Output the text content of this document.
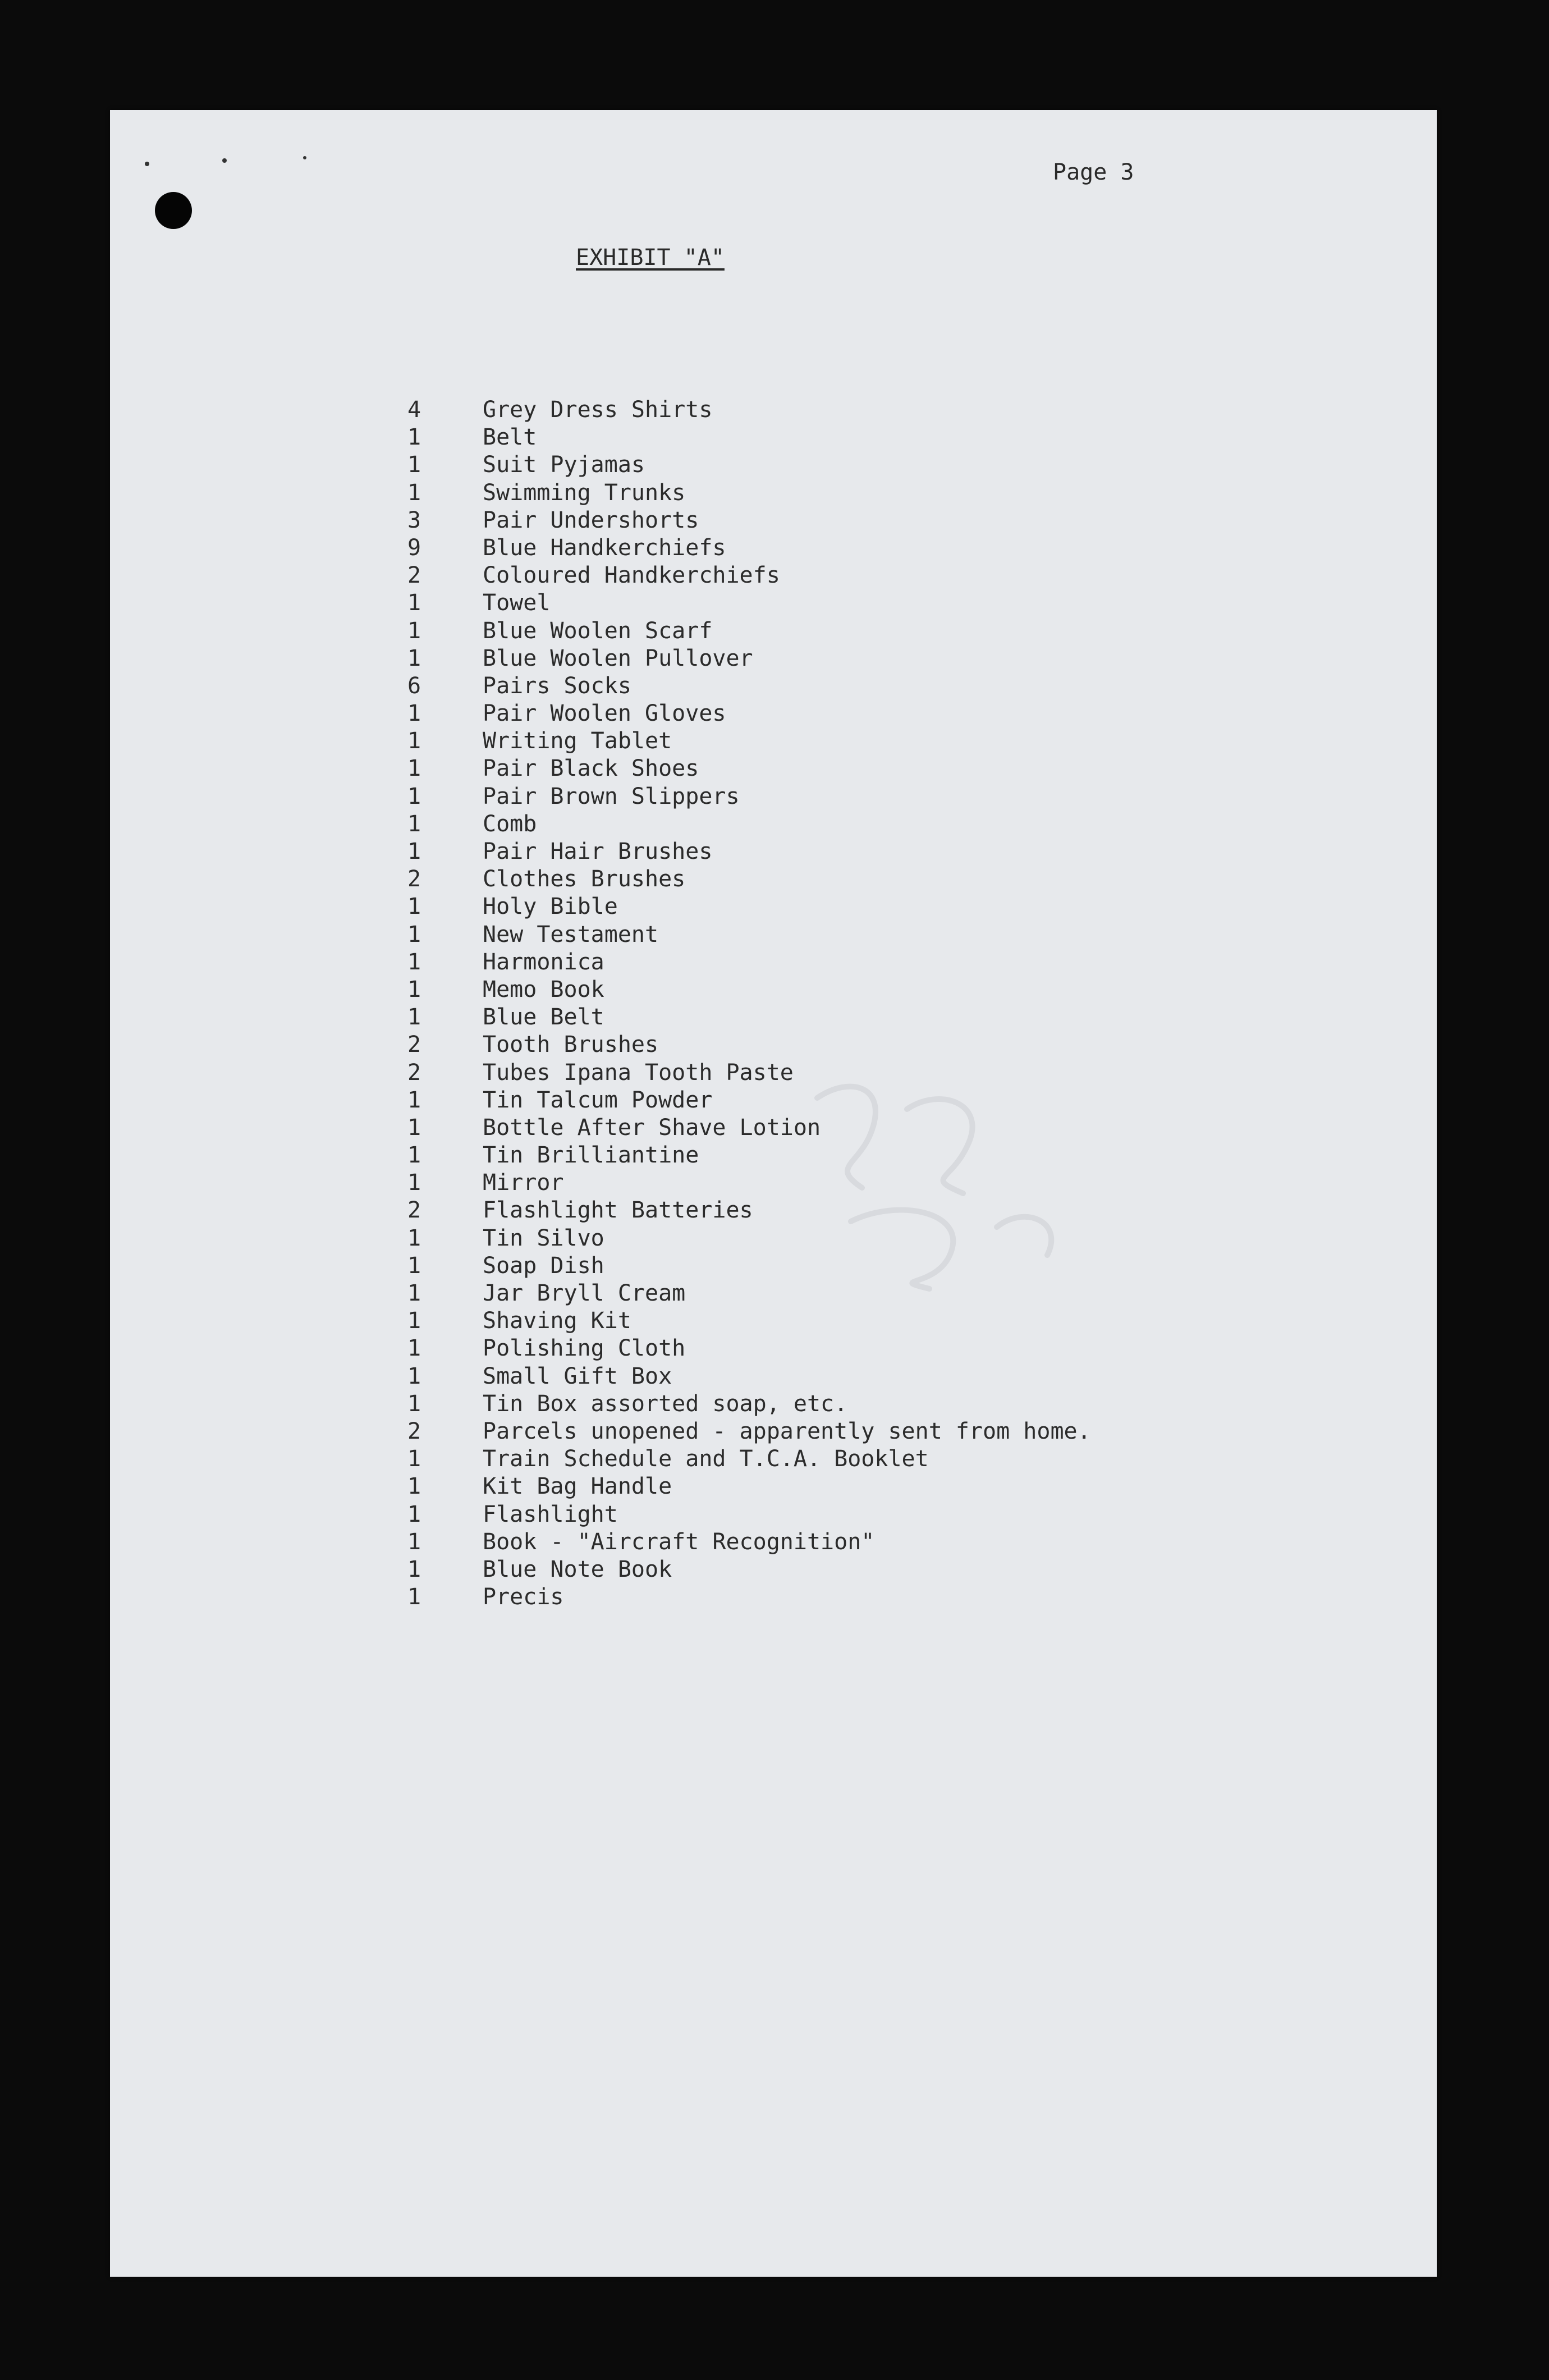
Page 3
EXHIBIT "A"
4	Grey Dress Shirts
1	Belt
1	Suit Pyjamas
1	Swimming Trunks
3	Pair Undershorts
9	Blue Handkerchiefs
2	Coloured Handkerchiefs
1	Towel
1	Blue Woolen Scarf
1	Blue Woolen Pullover
6	Pairs Socks
1	Pair Woolen Gloves
1	Writing Tablet
1	Pair Black Shoes
1	Pair Brown Slippers
1	Comb
1	Pair Hair Brushes
2	Clothes Brushes
1	Holy Bible
1	New Testament
1	Harmonica
1	Memo Book
1	Blue Belt
2	Tooth Brushes
2	Tubes Ipana Tooth Paste
1	Tin Talcum Powder
1	Bottle After Shave Lotion
1	Tin Brilliantine
1	Mirror
2	Flashlight Batteries
1	Tin Silvo
1	Soap Dish
1	Jar Bryll Cream
1	Shaving Kit
1	Polishing Cloth
1	Small Gift Box
1	Tin Box assorted soap, etc.
2	Parcels unopened - apparently sent from home.
1	Train Schedule and T.C.A. Booklet
1	Kit Bag Handle
1	Flashlight
1	Book - "Aircraft Recognition"
1	Blue Note Book
1	Precis
